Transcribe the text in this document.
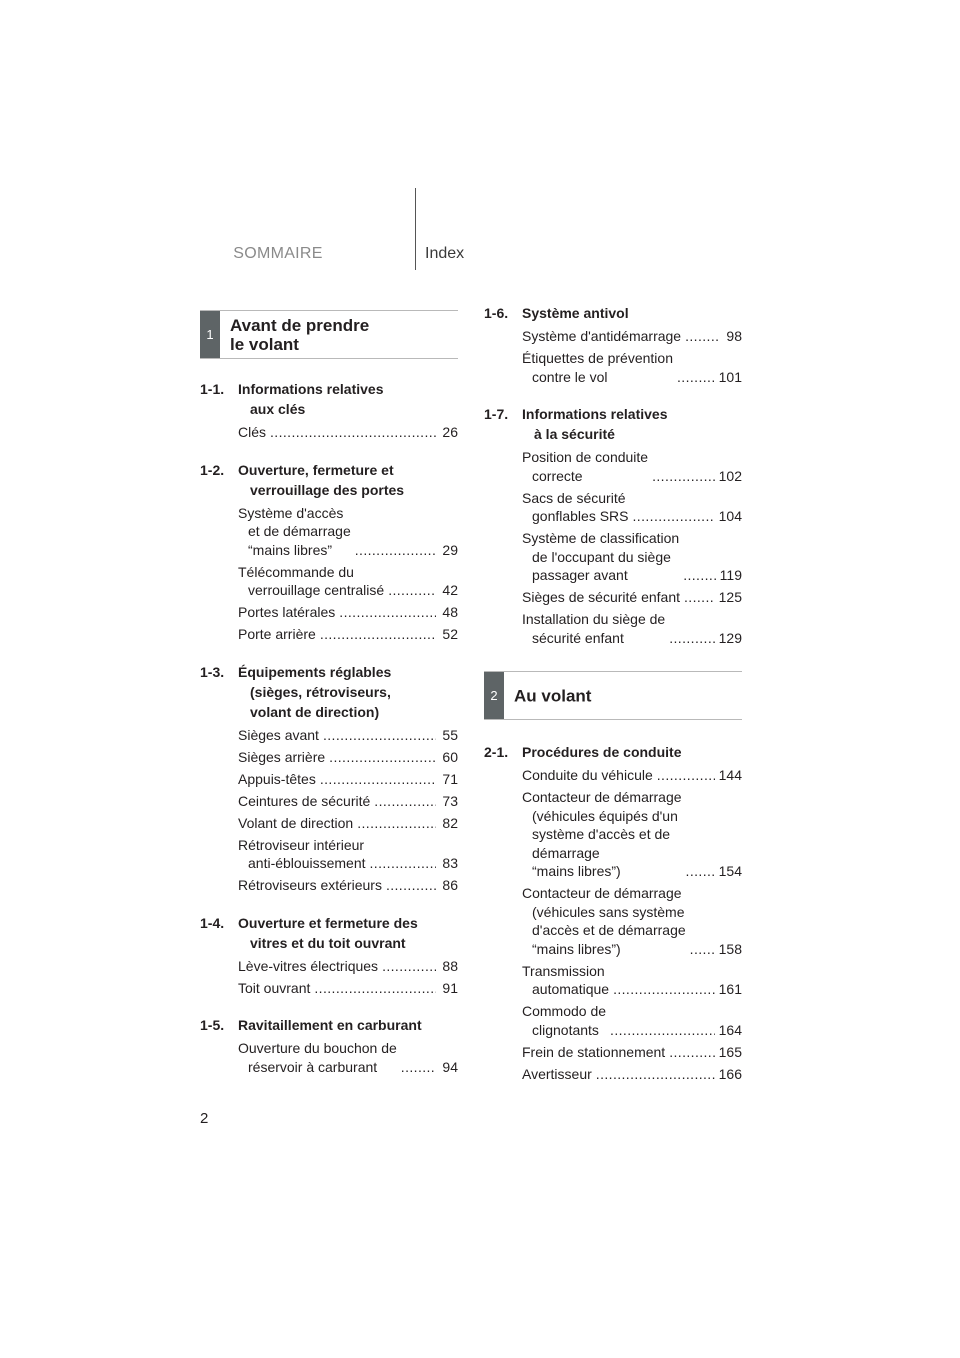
SOMMAIRE	Index
1 Avant de prendre
le volant
1-1. Informations relatives
aux clés
Clés .....	26
1-2. Ouverture, fermeture et
verrouillage des portes
Système d'accès
et de démarrage
“mains libres” .....	29
Télécommande du
verrouillage centralisé .....	42
Portes latérales .....	48
Porte arrière .....	52
1-3. Équipements réglables
(sièges, rétroviseurs,
volant de direction)
Sièges avant .....	55
Sièges arrière .....	60
Appuis-têtes .....	71
Ceintures de sécurité .....	73
Volant de direction .....	82
Rétroviseur intérieur
anti-éblouissement .....	83
Rétroviseurs extérieurs .....	86
1-4. Ouverture et fermeture des
vitres et du toit ouvrant
Lève-vitres électriques .....	88
Toit ouvrant .....	91
1-5. Ravitaillement en carburant
Ouverture du bouchon de
réservoir à carburant .....	94
1-6. Système antivol
Système d'antidémarrage .....	98
Étiquettes de prévention
contre le vol .....	101
1-7. Informations relatives
à la sécurité
Position de conduite
correcte .....	102
Sacs de sécurité
gonflables SRS .....	104
Système de classification
de l'occupant du siège
passager avant .....	119
Sièges de sécurité enfant .....	125
Installation du siège de
sécurité enfant .....	129
2 Au volant
2-1. Procédures de conduite
Conduite du véhicule .....	144
Contacteur de démarrage
(véhicules équipés d'un
système d'accès et de
démarrage
“mains libres”) .....	154
Contacteur de démarrage
(véhicules sans système
d'accès et de démarrage
“mains libres”) .....	158
Transmission
automatique .....	161
Commodo de
clignotants .....	164
Frein de stationnement .....	165
Avertisseur .....	166
2
